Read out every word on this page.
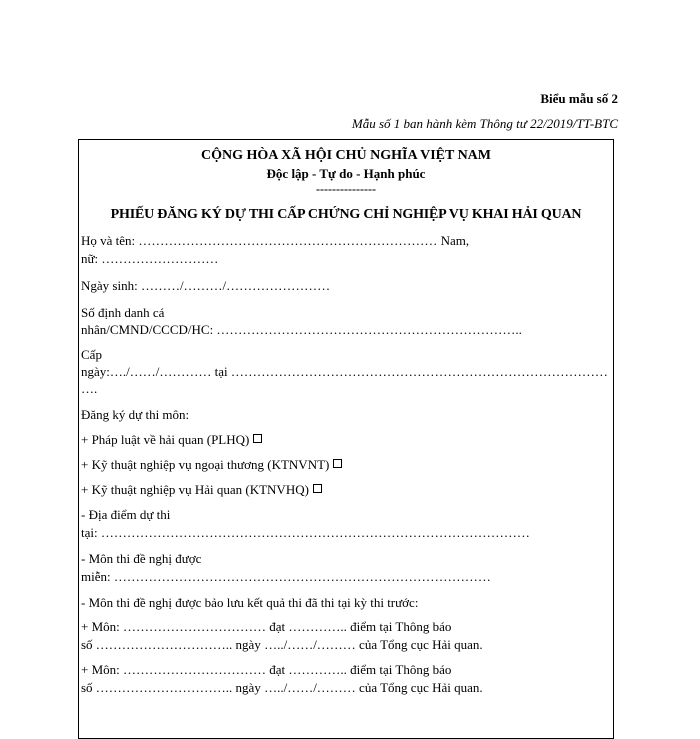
Biểu mẫu số 2
Mẫu số 1 ban hành kèm Thông tư 22/2019/TT-BTC
CỘNG HÒA XÃ HỘI CHỦ NGHĨA VIỆT NAM
Độc lập - Tự do - Hạnh phúc
---------------
PHIẾU ĐĂNG KÝ DỰ THI CẤP CHỨNG CHỈ NGHIỆP VỤ KHAI HẢI QUAN
Họ và tên: …………………………………………………………… Nam,
nữ: ………………………
Ngày sinh: ………/………/……………………
Số định danh cá
nhân/CMND/CCCD/HC: ……………………………………………………………..
Cấp
ngày:…./……/………… tại ……………………………………………………………………………
….
Đăng ký dự thi môn:
+ Pháp luật về hải quan (PLHQ)
+ Kỹ thuật nghiệp vụ ngoại thương (KTNVNT)
+ Kỹ thuật nghiệp vụ Hải quan (KTNVHQ)
- Địa điểm dự thi
tại: ………………………………………………………………………………………
- Môn thi đề nghị được
miễn: ……………………………………………………………………………
- Môn thi đề nghị được bảo lưu kết quả thi đã thi tại kỳ thi trước:
+ Môn: …………………………… đạt ………….. điểm tại Thông báo
số ………………………….. ngày …../……/……… của Tổng cục Hải quan.
+ Môn: …………………………… đạt ………….. điểm tại Thông báo
số ………………………….. ngày …../……/……… của Tổng cục Hải quan.
